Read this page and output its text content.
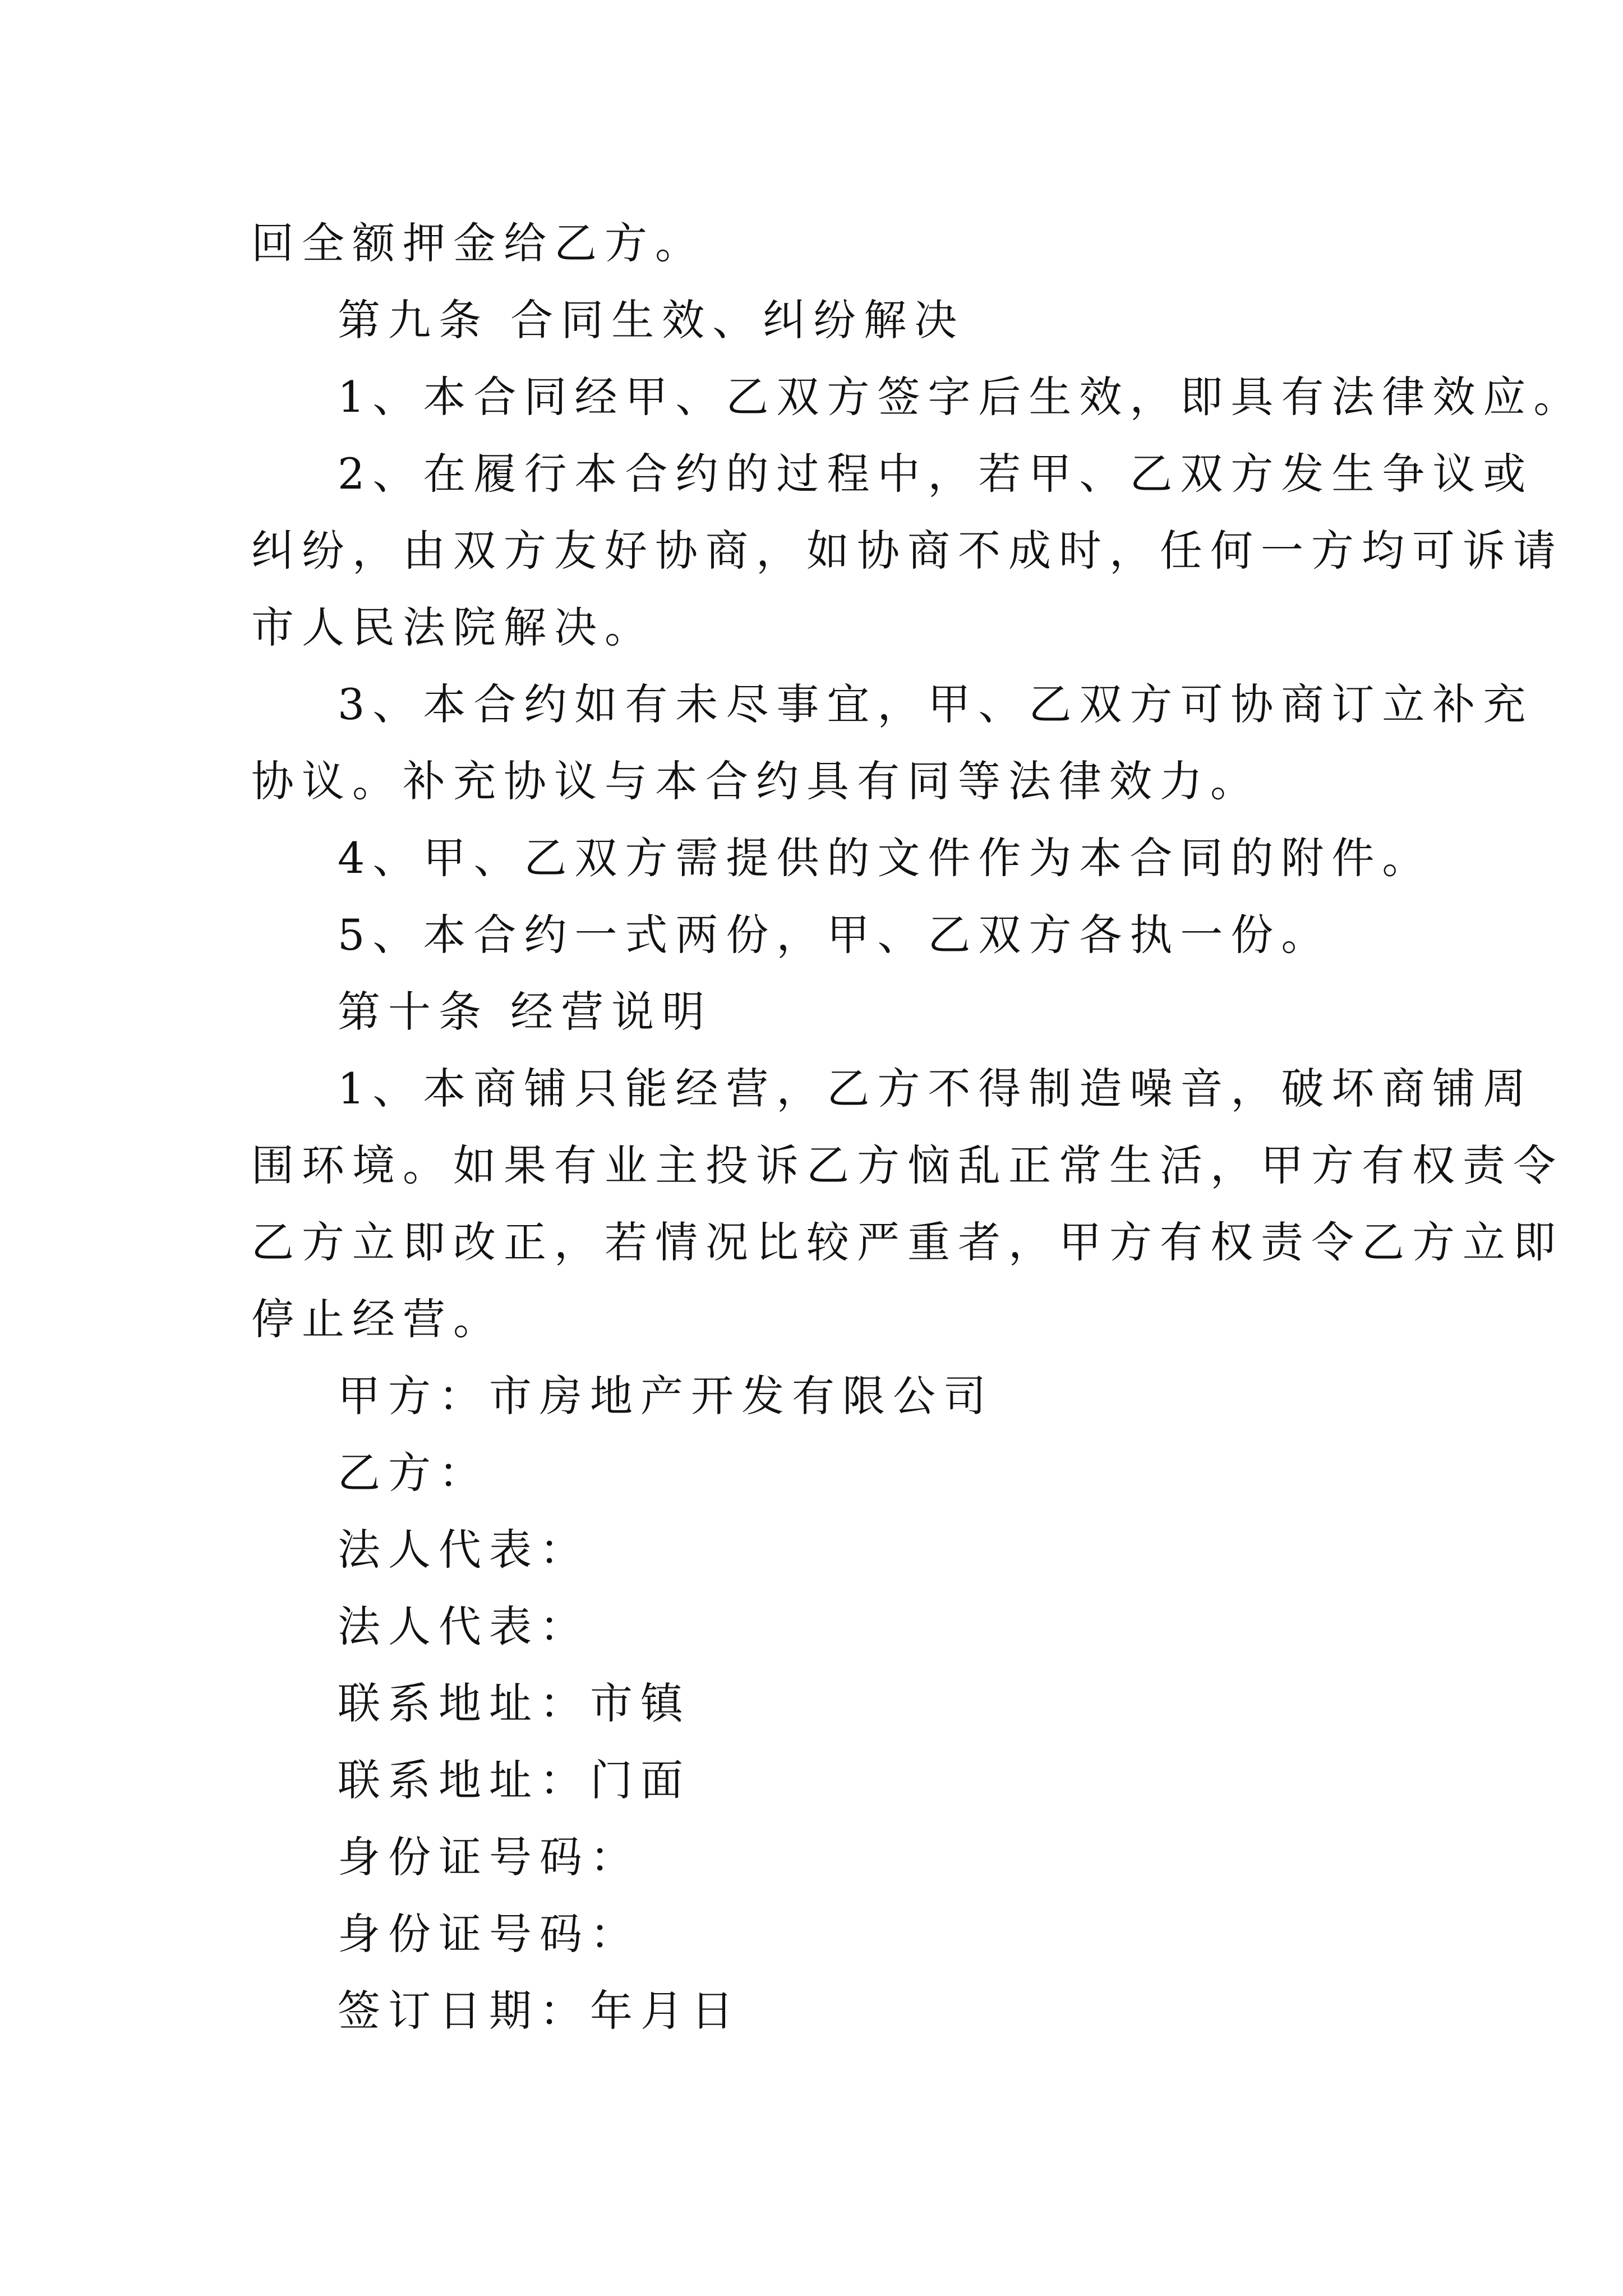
回全额押金给乙方。
第九条 合同生效、纠纷解决
1、本合同经甲、乙双方签字后生效，即具有法律效应。
2、在履行本合约的过程中，若甲、乙双方发生争议或
纠纷，由双方友好协商，如协商不成时，任何一方均可诉请
市人民法院解决。
3、本合约如有未尽事宜，甲、乙双方可协商订立补充
协议。补充协议与本合约具有同等法律效力。
4、甲、乙双方需提供的文件作为本合同的附件。
5、本合约一式两份，甲、乙双方各执一份。
第十条 经营说明
1、本商铺只能经营，乙方不得制造噪音，破坏商铺周
围环境。如果有业主投诉乙方恼乱正常生活，甲方有权责令
乙方立即改正，若情况比较严重者，甲方有权责令乙方立即
停止经营。
甲方：市房地产开发有限公司
乙方：
法人代表：
法人代表：
联系地址：市镇
联系地址：门面
身份证号码：
身份证号码：
签订日期：年月日
